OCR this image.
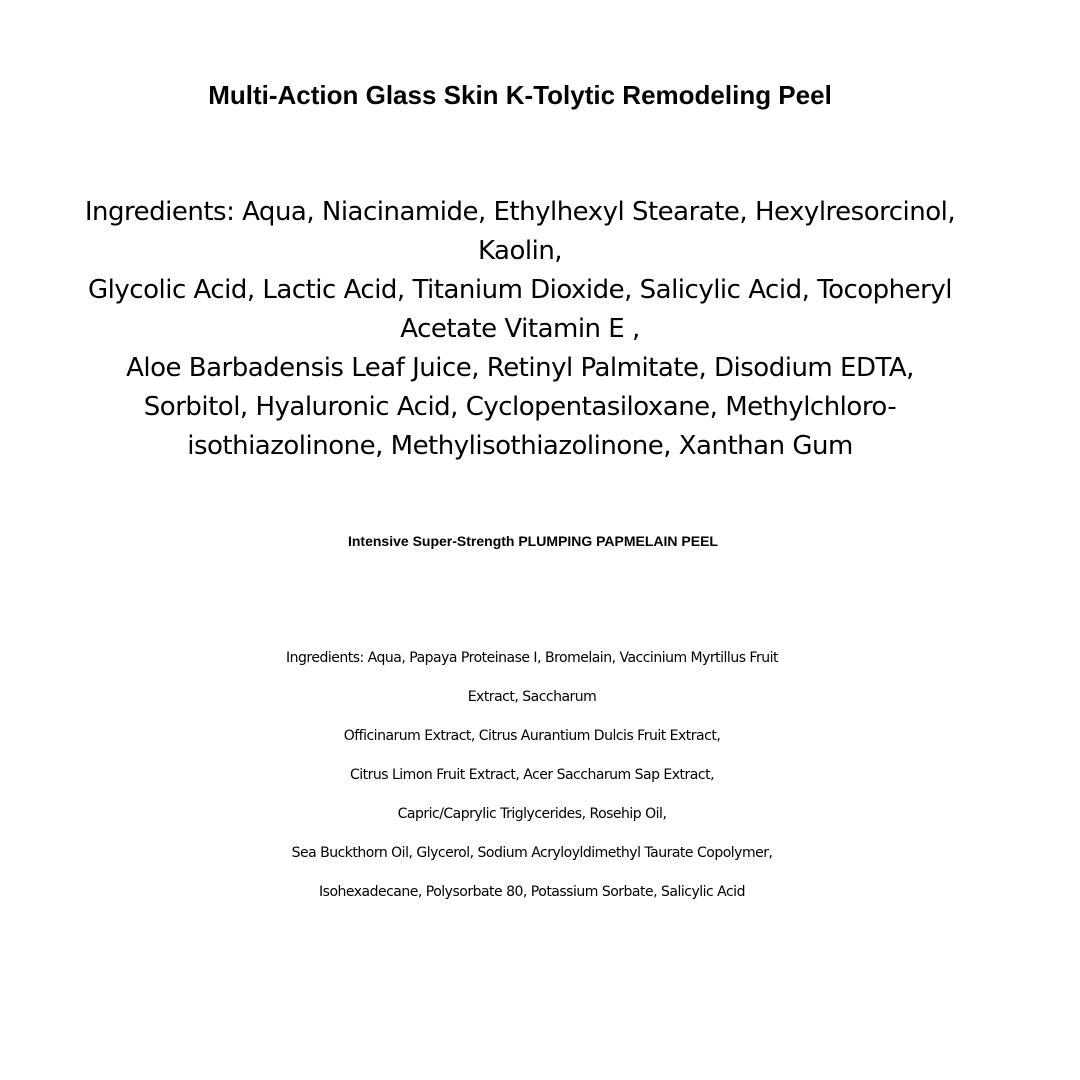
Multi-Action Glass Skin K-Tolytic Remodeling Peel
Ingredients: Aqua, Niacinamide, Ethylhexyl Stearate, Hexylresorcinol,
Kaolin,
Glycolic Acid, Lactic Acid, Titanium Dioxide, Salicylic Acid, Tocopheryl
Acetate Vitamin E ,
Aloe Barbadensis Leaf Juice, Retinyl Palmitate, Disodium EDTA,
Sorbitol, Hyaluronic Acid, Cyclopentasiloxane, Methylchloro-
isothiazolinone, Methylisothiazolinone, Xanthan Gum
Intensive Super-Strength PLUMPING PAPMELAIN PEEL
Ingredients: Aqua, Papaya Proteinase I, Bromelain, Vaccinium Myrtillus Fruit
Extract, Saccharum
Officinarum Extract, Citrus Aurantium Dulcis Fruit Extract,
Citrus Limon Fruit Extract, Acer Saccharum Sap Extract,
Capric/Caprylic Triglycerides, Rosehip Oil,
Sea Buckthorn Oil, Glycerol, Sodium Acryloyldimethyl Taurate Copolymer,
Isohexadecane, Polysorbate 80, Potassium Sorbate, Salicylic Acid
